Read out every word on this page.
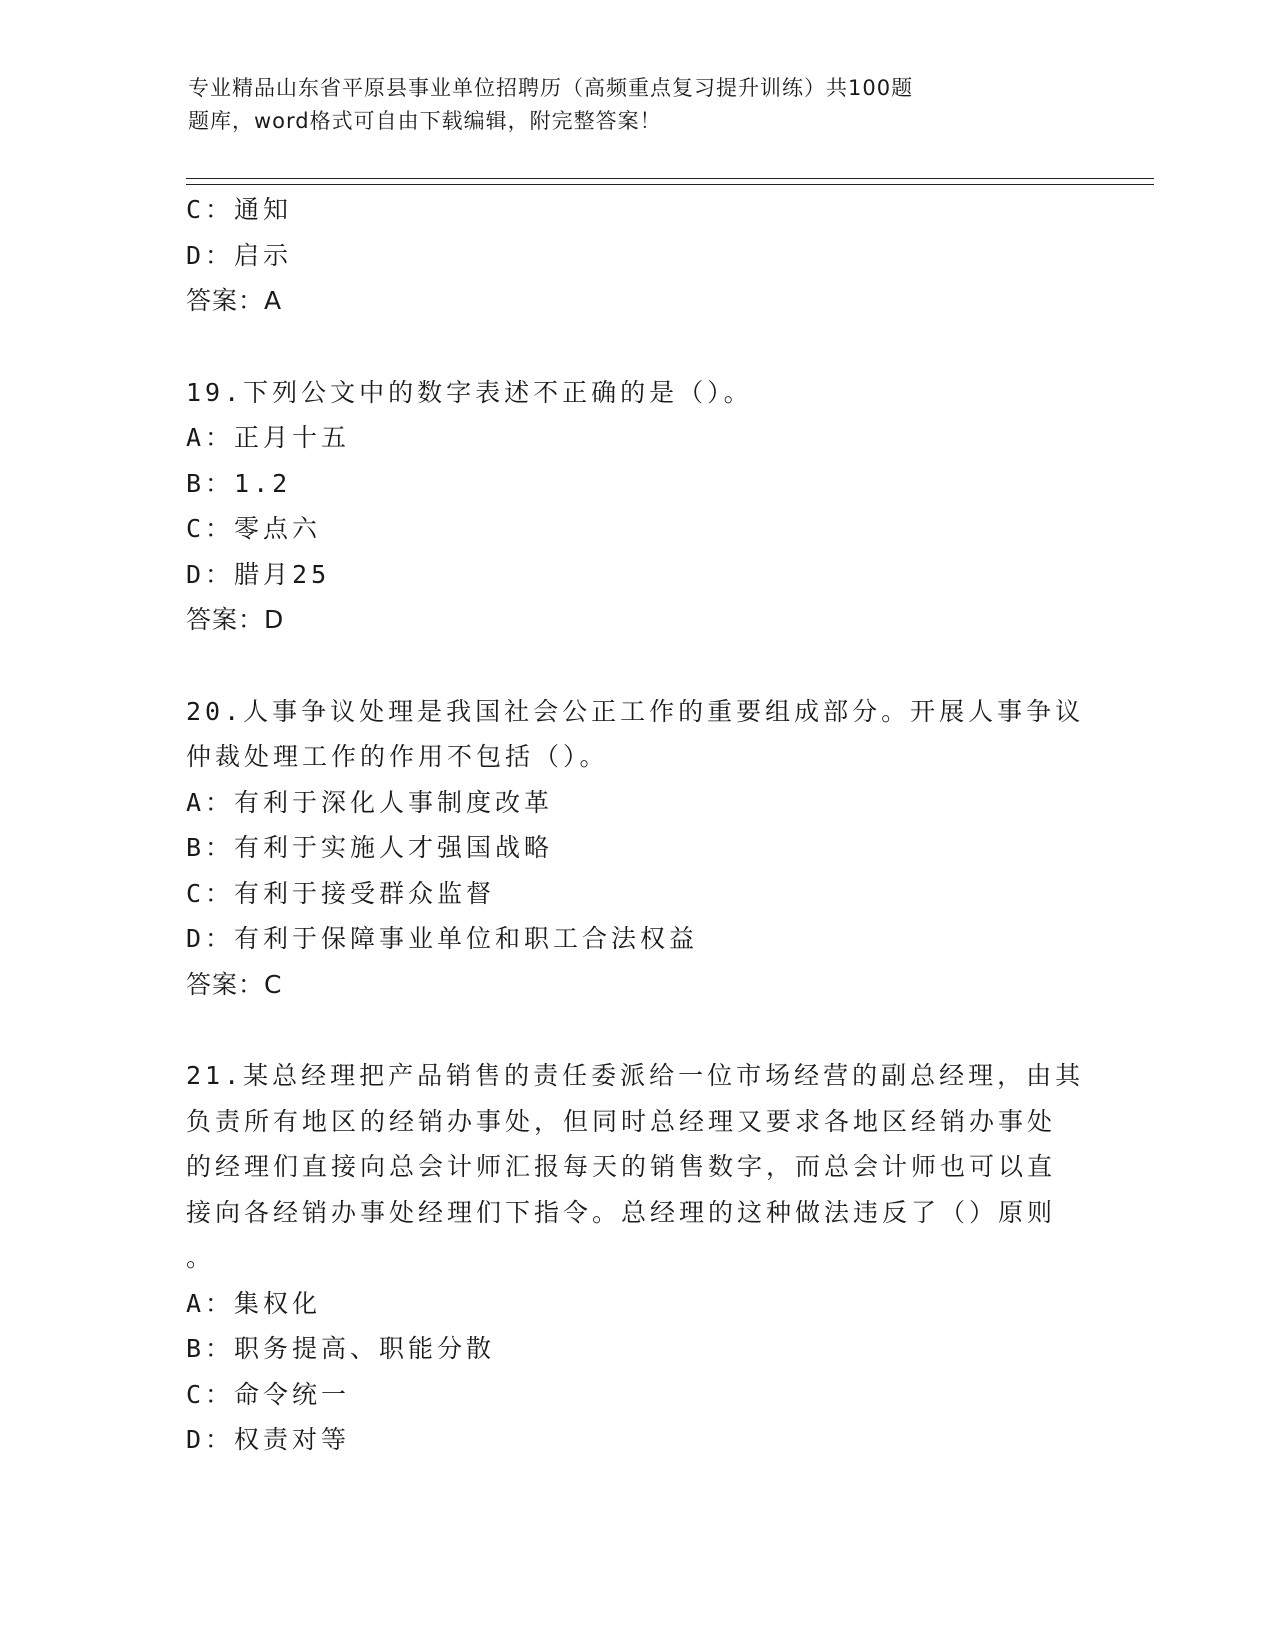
专业精品山东省平原县事业单位招聘历（高频重点复习提升训练）共100题
题库，word格式可自由下载编辑，附完整答案！
C：通知
D：启示
答案：A
19.下列公文中的数字表述不正确的是（）。
A：正月十五
B：1.2
C：零点六
D：腊月25
答案：D
20.人事争议处理是我国社会公正工作的重要组成部分。开展人事争议
仲裁处理工作的作用不包括（）。
A：有利于深化人事制度改革
B：有利于实施人才强国战略
C：有利于接受群众监督
D：有利于保障事业单位和职工合法权益
答案：C
21.某总经理把产品销售的责任委派给一位市场经营的副总经理，由其
负责所有地区的经销办事处，但同时总经理又要求各地区经销办事处
的经理们直接向总会计师汇报每天的销售数字，而总会计师也可以直
接向各经销办事处经理们下指令。总经理的这种做法违反了（）原则
。
A：集权化
B：职务提高、职能分散
C：命令统一
D：权责对等
